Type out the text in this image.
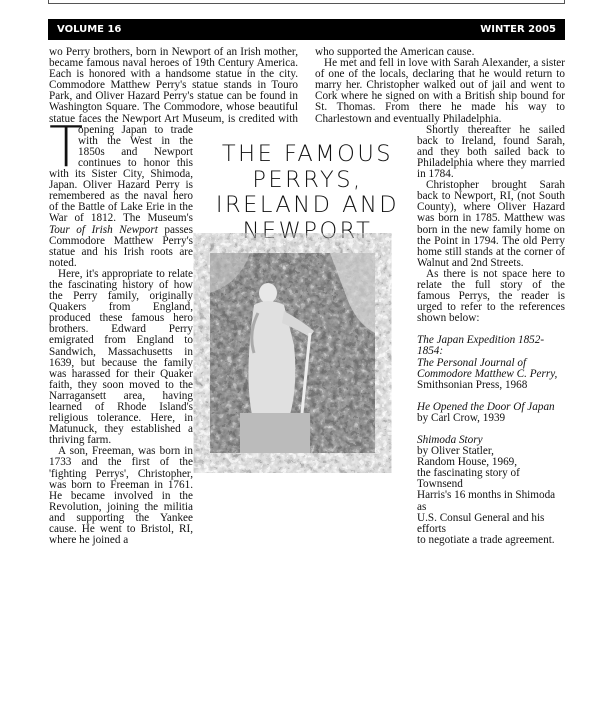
VOLUME 16	WINTER 2005
T

wo Perry brothers, born in Newport of an Irish mother, became famous naval heroes of 19th Century America. Each is honored with a handsome statue in the city. Commodore Matthew Perry's statue stands in Touro Park, and Oliver Hazard Perry's statue can be found in Washington Square. The Commodore, whose beautiful statue faces the Newport Art Museum, is credited with opening Japan to trade with the West in the 1850s and Newport continues to honor this with its Sister City, Shimoda, Japan. Oliver Hazard Perry is remembered as the naval hero of the Battle of Lake Erie in the War of 1812. The Museum's Tour of Irish Newport passes Commodore Matthew Perry's statue and his Irish roots are noted.

Here, it's appropriate to relate the fascinating history of how the Perry family, originally Quakers from England, produced these famous hero brothers. Edward Perry emigrated from England to Sandwich, Massachusetts in 1639, but because the family was harassed for their Quaker faith, they soon moved to the Narragansett area, having learned of Rhode Island's religious tolerance. Here, in Matunuck, they established a thriving farm.

A son, Freeman, was born in 1733 and the first of the 'fighting Perrys', Christopher, was born to Freeman in 1761. He became involved in the Revolution, joining the militia and supporting the Yankee cause. He went to Bristol, RI, where he joined a

THE FAMOUS
PERRYS,
IRELAND AND
NEWPORT

who supported the American cause.

He met and fell in love with Sarah Alexander, a sister of one of the locals, declaring that he would return to marry her. Christopher walked out of jail and went to Cork where he signed on with a British ship bound for St. Thomas. From there he made his way to Charlestown and eventually Philadelphia.

Shortly thereafter he sailed back to Ireland, found Sarah, and they both sailed back to Philadelphia where they married in 1784.

Christopher brought Sarah back to Newport, RI, (not South County), where Oliver Hazard was born in 1785. Matthew was born in the new family home on the Point in 1794. The old Perry home still stands at the corner of Walnut and 2nd Streets.

As there is not space here to relate the full story of the famous Perrys, the reader is urged to refer to the references shown below:

The Japan Expedition 1852-1854:
The Personal Journal of
Commodore Matthew C. Perry,
Smithsonian Press, 1968
He Opened the Door Of Japan
by Carl Crow, 1939
Shimoda Story
by Oliver Statler,
Random House, 1969,
the fascinating story of Townsend
Harris's 16 months in Shimoda as
U.S. Consul General and his efforts
to negotiate a trade agreement.
